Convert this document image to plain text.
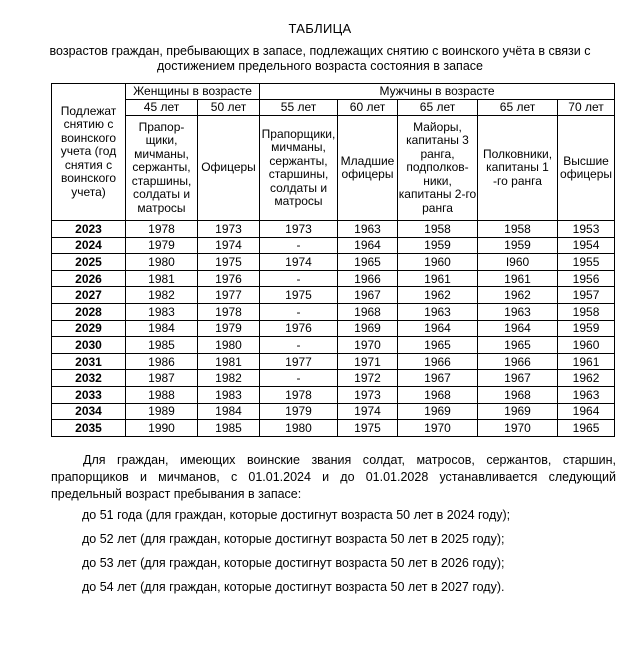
ТАБЛИЦА
возрастов граждан, пребывающих в запасе, подлежащих снятию с воинского учёта в связи с
достижением предельного возраста состояния в запасе
Подлежат снятию с воинского учета (год снятия с воинского учета)	Женщины в возрасте		Мужчины в возрасте				
	45 лет	50 лет	55 лет	60 лет	65 лет	65 лет	70 лет
	Прапор-щики, мичманы, сержанты, старшины, солдаты и матросы	Офицеры	Прапорщики, мичманы, сержанты, старшины, солдаты и матросы	Младшие офицеры	Майоры, капитаны 3 ранга, подполков-ники, капитаны 2-го ранга	Полковники, капитаны 1 -го ранга	Высшие офицеры
2023	1978	1973	1973	1963	1958	1958	1953
2024	1979	1974	-	1964	1959	1959	1954
2025	1980	1975	1974	1965	1960	I960	1955
2026	1981	1976	-	1966	1961	1961	1956
2027	1982	1977	1975	1967	1962	1962	1957
2028	1983	1978	-	1968	1963	1963	1958
2029	1984	1979	1976	1969	1964	1964	1959
2030	1985	1980	-	1970	1965	1965	1960
2031	1986	1981	1977	1971	1966	1966	1961
2032	1987	1982	-	1972	1967	1967	1962
2033	1988	1983	1978	1973	1968	1968	1963
2034	1989	1984	1979	1974	1969	1969	1964
2035	1990	1985	1980	1975	1970	1970	1965
Для граждан, имеющих воинские звания солдат, матросов, сержантов, старшин, прапорщиков и мичманов, с 01.01.2024 и до 01.01.2028 устанавливается следующий предельный возраст пребывания в запасе:
до 51 года (для граждан, которые достигнут возраста 50 лет в 2024 году);
до 52 лет (для граждан, которые достигнут возраста 50 лет в 2025 году);
до 53 лет (для граждан, которые достигнут возраста 50 лет в 2026 году);
до 54 лет (для граждан, которые достигнут возраста 50 лет в 2027 году).
